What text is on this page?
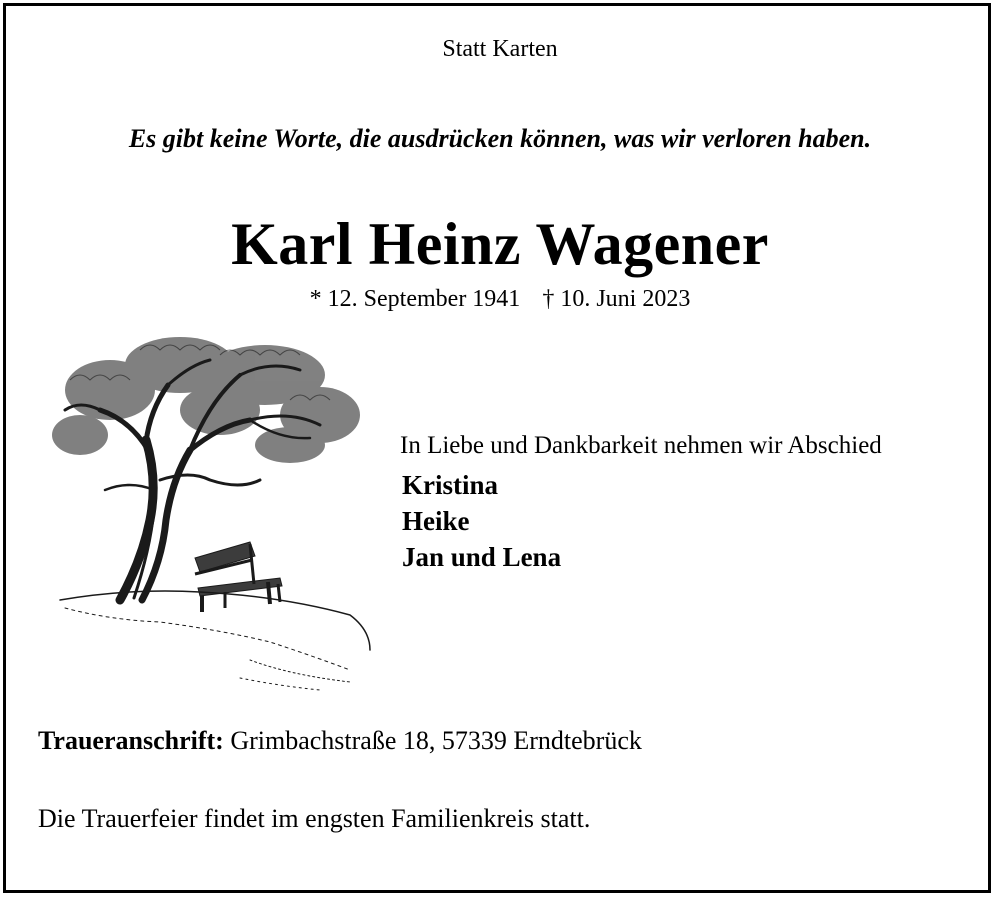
Statt Karten
Es gibt keine Worte, die ausdrücken können, was wir verloren haben.
Karl Heinz Wagener
* 12. September 1941 † 10. Juni 2023
In Liebe und Dankbarkeit nehmen wir Abschied
Kristina
Heike
Jan und Lena
Traueranschrift: Grimbachstraße 18, 57339 Erndtebrück
Die Trauerfeier findet im engsten Familienkreis statt.
